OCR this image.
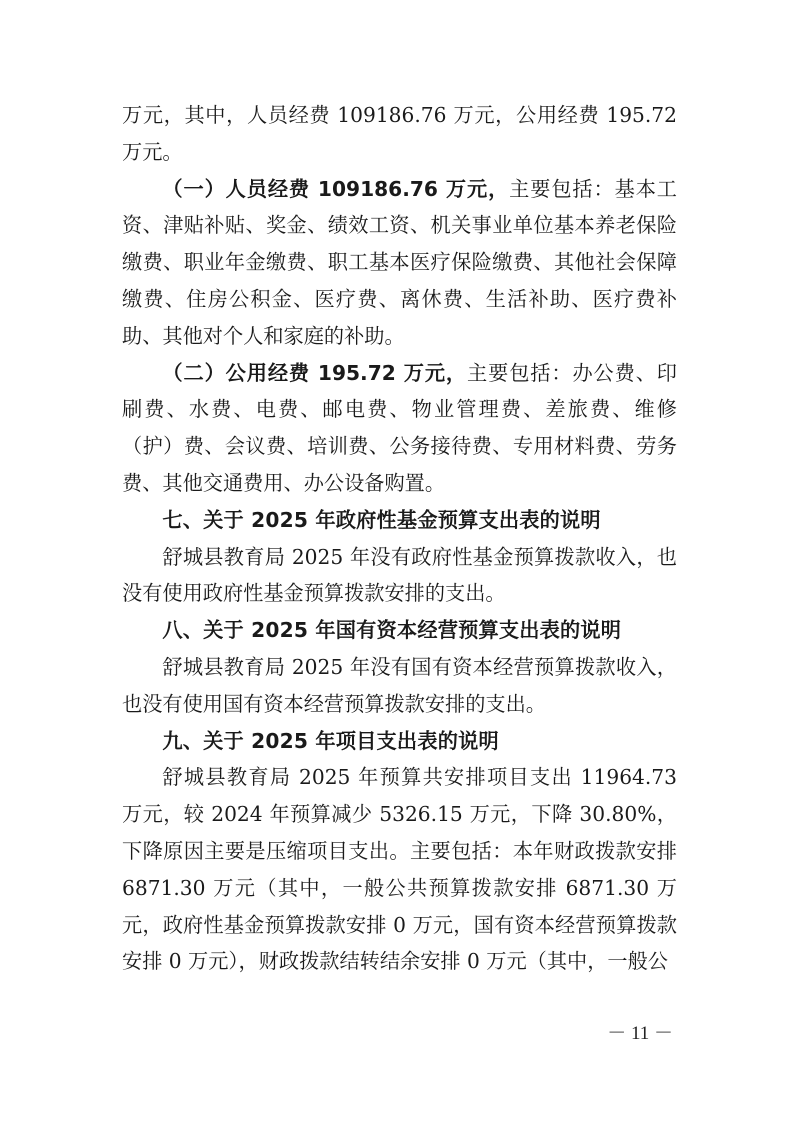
万元，其中，人员经费 109186.76 万元，公用经费 195.72 万元。

（一）人员经费 109186.76 万元，主要包括：基本工资、津贴补贴、奖金、绩效工资、机关事业单位基本养老保险缴费、职业年金缴费、职工基本医疗保险缴费、其他社会保障缴费、住房公积金、医疗费、离休费、生活补助、医疗费补助、其他对个人和家庭的补助。

（二）公用经费 195.72 万元，主要包括：办公费、印刷费、水费、电费、邮电费、物业管理费、差旅费、维修（护）费、会议费、培训费、公务接待费、专用材料费、劳务费、其他交通费用、办公设备购置。

七、关于 2025 年政府性基金预算支出表的说明

舒城县教育局 2025 年没有政府性基金预算拨款收入，也没有使用政府性基金预算拨款安排的支出。

八、关于 2025 年国有资本经营预算支出表的说明

舒城县教育局 2025 年没有国有资本经营预算拨款收入，也没有使用国有资本经营预算拨款安排的支出。

九、关于 2025 年项目支出表的说明

舒城县教育局 2025 年预算共安排项目支出 11964.73 万元，较 2024 年预算减少 5326.15 万元，下降 30.80%，下降原因主要是压缩项目支出。主要包括：本年财政拨款安排 6871.30 万元（其中，一般公共预算拨款安排 6871.30 万元，政府性基金预算拨款安排 0 万元，国有资本经营预算拨款安排 0 万元），财政拨款结转结余安排 0 万元（其中，一般公

－ 11 －
